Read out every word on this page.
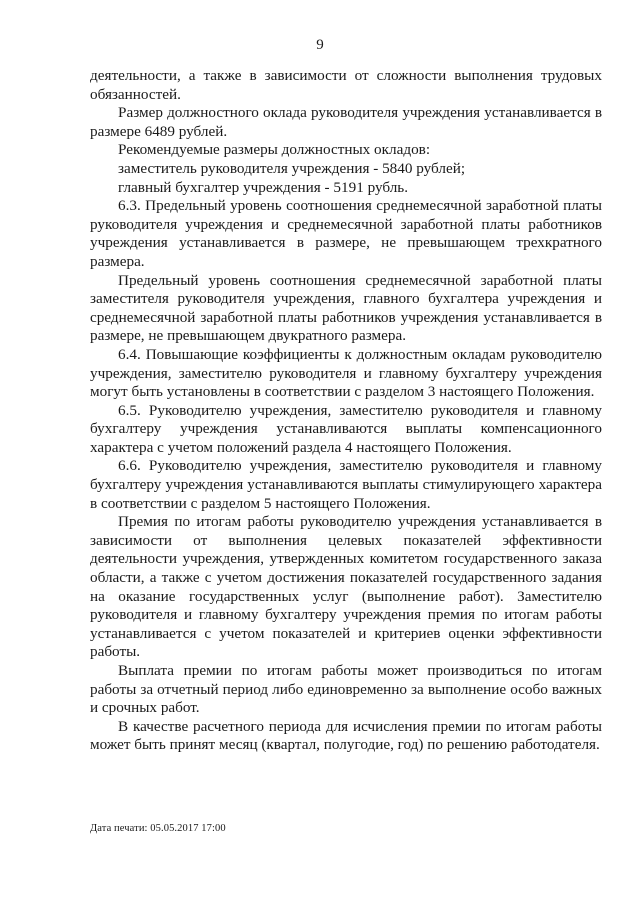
9

деятельности, а также в зависимости от сложности выполнения трудовых обязанностей.

Размер должностного оклада руководителя учреждения устанавливается в размере 6489 рублей.

Рекомендуемые размеры должностных окладов:

заместитель руководителя учреждения - 5840 рублей;

главный бухгалтер учреждения - 5191 рубль.

6.3. Предельный уровень соотношения среднемесячной заработной платы руководителя учреждения и среднемесячной заработной платы работников учреждения устанавливается в размере, не превышающем трехкратного размера.

Предельный уровень соотношения среднемесячной заработной платы заместителя руководителя учреждения, главного бухгалтера учреждения и среднемесячной заработной платы работников учреждения устанавливается в размере, не превышающем двукратного размера.

6.4. Повышающие коэффициенты к должностным окладам руководителю учреждения, заместителю руководителя и главному бухгалтеру учреждения могут быть установлены в соответствии с разделом 3 настоящего Положения.

6.5. Руководителю учреждения, заместителю руководителя и главному бухгалтеру учреждения устанавливаются выплаты компенсационного характера с учетом положений раздела 4 настоящего Положения.

6.6. Руководителю учреждения, заместителю руководителя и главному бухгалтеру учреждения устанавливаются выплаты стимулирующего характера в соответствии с разделом 5 настоящего Положения.

Премия по итогам работы руководителю учреждения устанавливается в зависимости от выполнения целевых показателей эффективности деятельности учреждения, утвержденных комитетом государственного заказа области, а также с учетом достижения показателей государственного задания на оказание государственных услуг (выполнение работ). Заместителю руководителя и главному бухгалтеру учреждения премия по итогам работы устанавливается с учетом показателей и критериев оценки эффективности работы.

Выплата премии по итогам работы может производиться по итогам работы за отчетный период либо единовременно за выполнение особо важных и срочных работ.

В качестве расчетного периода для исчисления премии по итогам работы может быть принят месяц (квартал, полугодие, год) по решению работодателя.

Дата печати: 05.05.2017 17:00
